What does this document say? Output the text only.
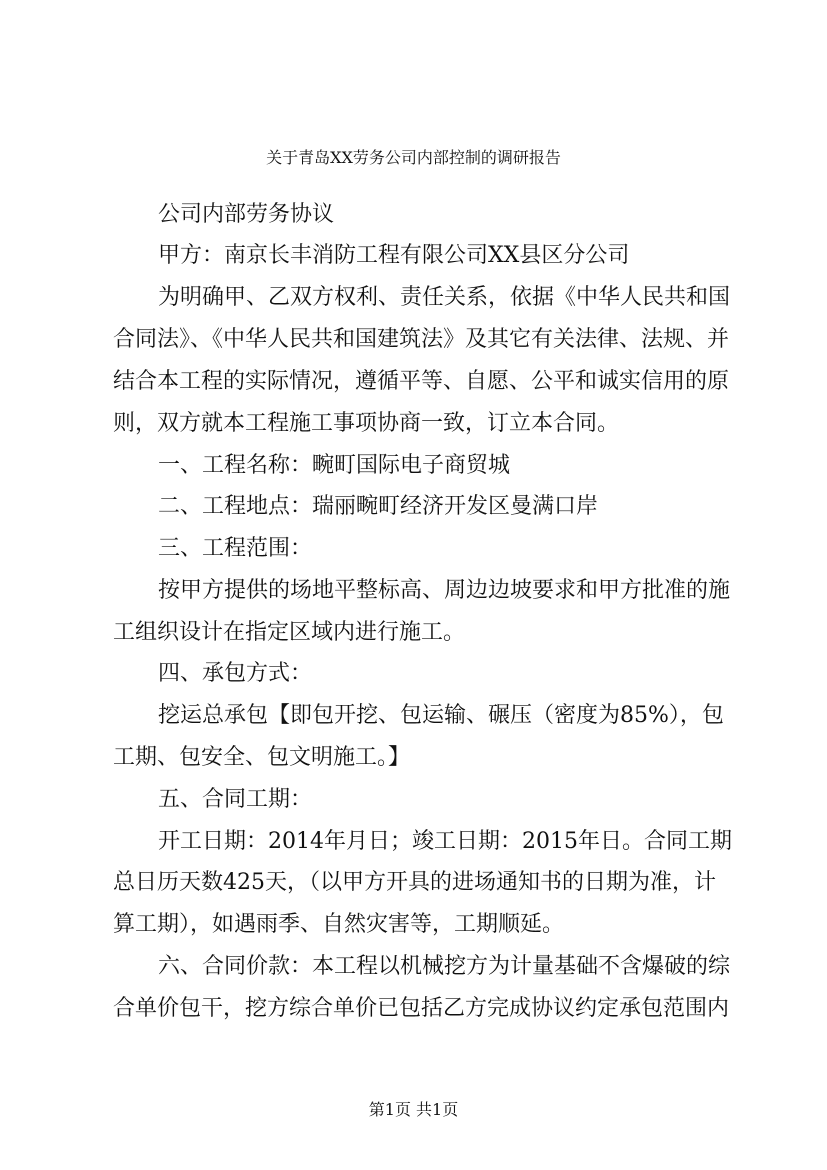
关于青岛XX劳务公司内部控制的调研报告
公司内部劳务协议
甲方：南京长丰消防工程有限公司XX县区分公司
为明确甲、乙双方权利、责任关系，依据《中华人民共和国
合同法》、《中华人民共和国建筑法》及其它有关法律、法规、并
结合本工程的实际情况，遵循平等、自愿、公平和诚实信用的原
则，双方就本工程施工事项协商一致，订立本合同。
一、工程名称：畹町国际电子商贸城
二、工程地点：瑞丽畹町经济开发区曼满口岸
三、工程范围：
按甲方提供的场地平整标高、周边边坡要求和甲方批准的施
工组织设计在指定区域内进行施工。
四、承包方式：
挖运总承包【即包开挖、包运输、碾压（密度为85%），包
工期、包安全、包文明施工。】
五、合同工期：
开工日期：2014年月日；竣工日期：2015年日。合同工期
总日历天数425天，（以甲方开具的进场通知书的日期为准，计
算工期），如遇雨季、自然灾害等，工期顺延。
六、合同价款：本工程以机械挖方为计量基础不含爆破的综
合单价包干，挖方综合单价已包括乙方完成协议约定承包范围内
第1页 共1页
